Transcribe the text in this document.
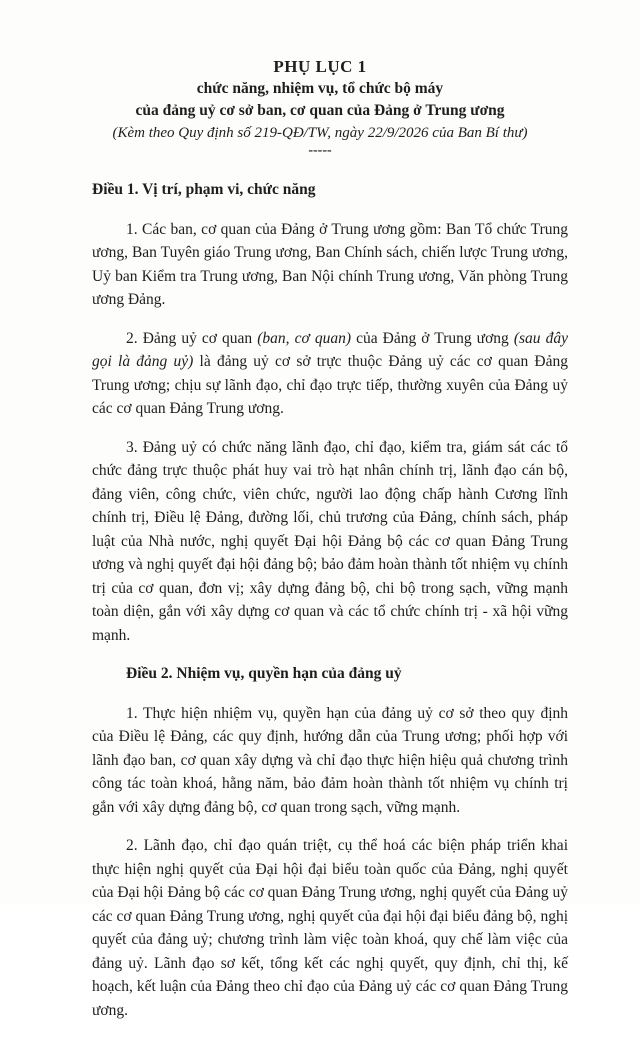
PHỤ LỤC 1

chức năng, nhiệm vụ, tổ chức bộ máy

của đảng uỷ cơ sở ban, cơ quan của Đảng ở Trung ương

(Kèm theo Quy định số 219-QĐ/TW, ngày 22/9/2026 của Ban Bí thư)

-----

Điều 1. Vị trí, phạm vi, chức năng

1. Các ban, cơ quan của Đảng ở Trung ương gồm: Ban Tổ chức Trung ương, Ban Tuyên giáo Trung ương, Ban Chính sách, chiến lược Trung ương, Uỷ ban Kiểm tra Trung ương, Ban Nội chính Trung ương, Văn phòng Trung ương Đảng.

2. Đảng uỷ cơ quan (ban, cơ quan) của Đảng ở Trung ương (sau đây gọi là đảng uỷ) là đảng uỷ cơ sở trực thuộc Đảng uỷ các cơ quan Đảng Trung ương; chịu sự lãnh đạo, chỉ đạo trực tiếp, thường xuyên của Đảng uỷ các cơ quan Đảng Trung ương.

3. Đảng uỷ có chức năng lãnh đạo, chỉ đạo, kiểm tra, giám sát các tổ chức đảng trực thuộc phát huy vai trò hạt nhân chính trị, lãnh đạo cán bộ, đảng viên, công chức, viên chức, người lao động chấp hành Cương lĩnh chính trị, Điều lệ Đảng, đường lối, chủ trương của Đảng, chính sách, pháp luật của Nhà nước, nghị quyết Đại hội Đảng bộ các cơ quan Đảng Trung ương và nghị quyết đại hội đảng bộ; bảo đảm hoàn thành tốt nhiệm vụ chính trị của cơ quan, đơn vị; xây dựng đảng bộ, chi bộ trong sạch, vững mạnh toàn diện, gắn với xây dựng cơ quan và các tổ chức chính trị - xã hội vững mạnh.

Điều 2. Nhiệm vụ, quyền hạn của đảng uỷ

1. Thực hiện nhiệm vụ, quyền hạn của đảng uỷ cơ sở theo quy định của Điều lệ Đảng, các quy định, hướng dẫn của Trung ương; phối hợp với lãnh đạo ban, cơ quan xây dựng và chỉ đạo thực hiện hiệu quả chương trình công tác toàn khoá, hằng năm, bảo đảm hoàn thành tốt nhiệm vụ chính trị gắn với xây dựng đảng bộ, cơ quan trong sạch, vững mạnh.

2. Lãnh đạo, chỉ đạo quán triệt, cụ thể hoá các biện pháp triển khai thực hiện nghị quyết của Đại hội đại biểu toàn quốc của Đảng, nghị quyết của Đại hội Đảng bộ các cơ quan Đảng Trung ương, nghị quyết của Đảng uỷ các cơ quan Đảng Trung ương, nghị quyết của đại hội đại biểu đảng bộ, nghị quyết của đảng uỷ; chương trình làm việc toàn khoá, quy chế làm việc của đảng uỷ. Lãnh đạo sơ kết, tổng kết các nghị quyết, quy định, chỉ thị, kế hoạch, kết luận của Đảng theo chỉ đạo của Đảng uỷ các cơ quan Đảng Trung ương.
